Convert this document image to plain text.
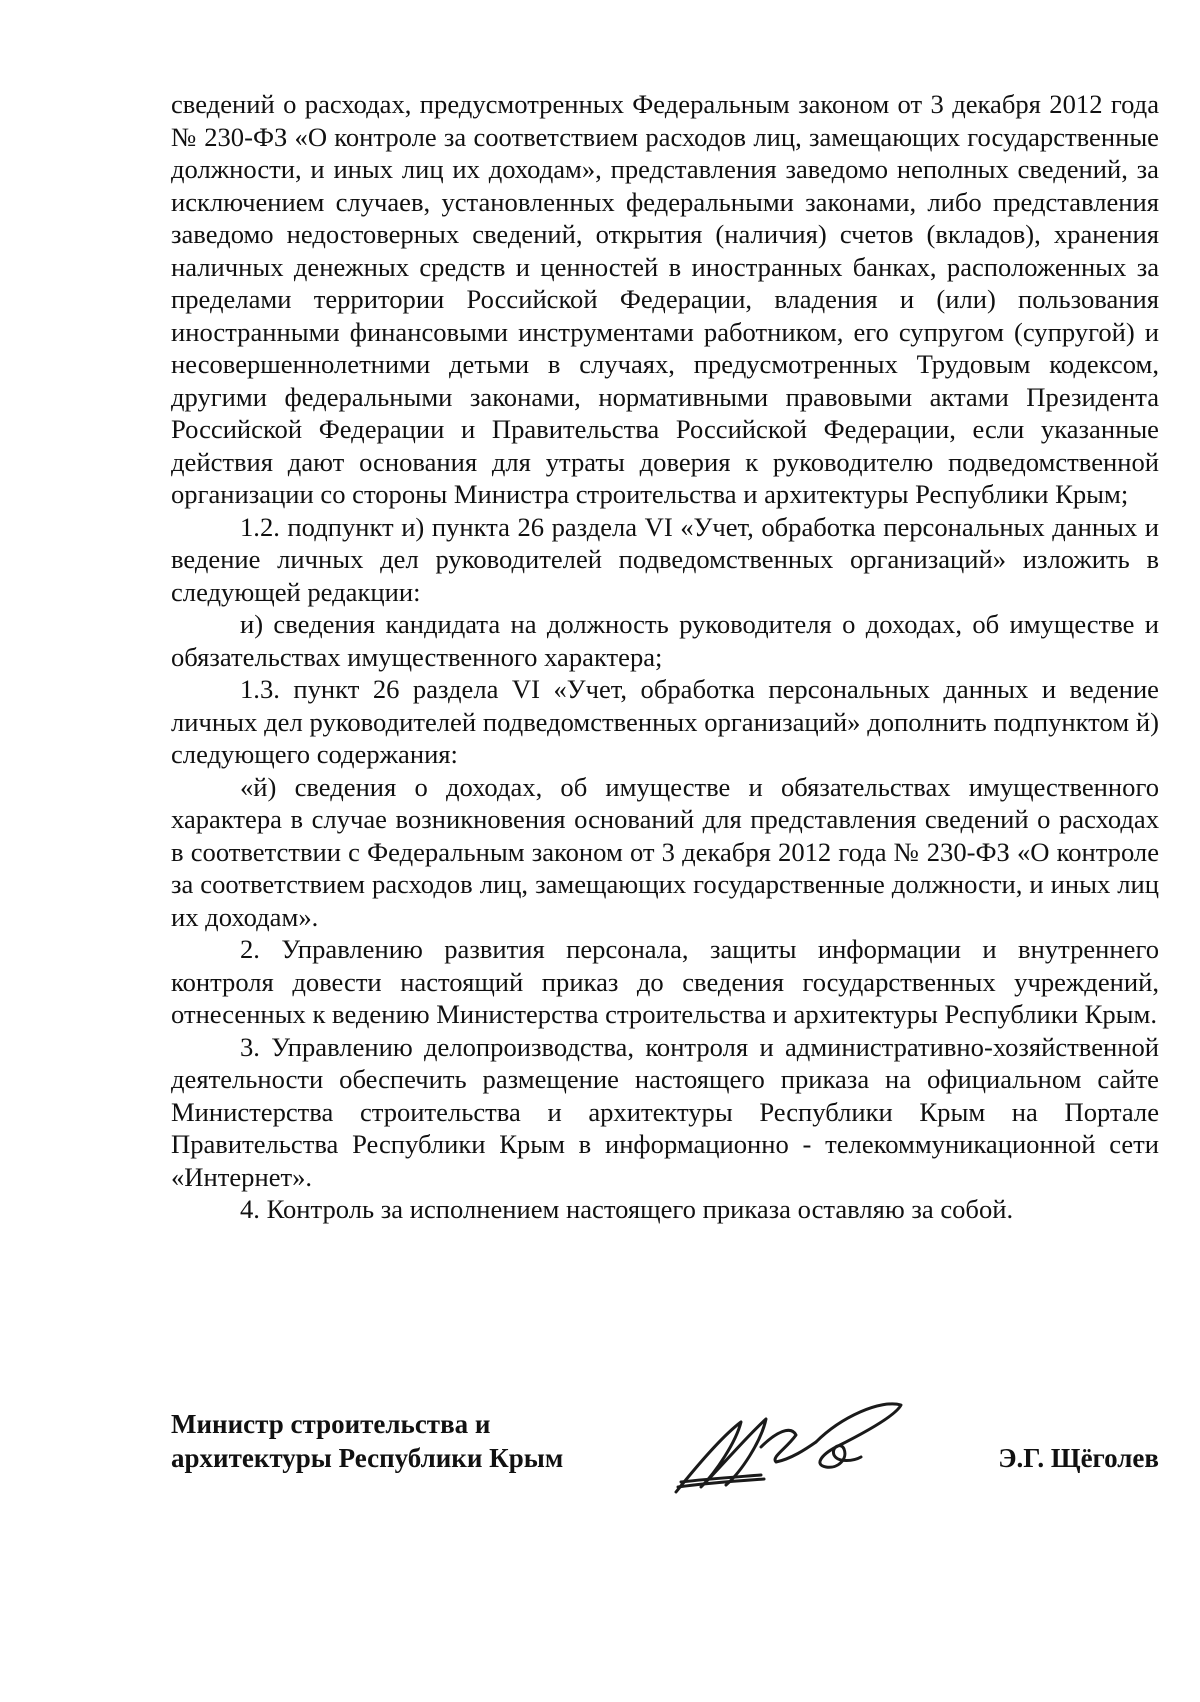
сведений о расходах, предусмотренных Федеральным законом от 3 декабря 2012 года № 230-ФЗ «О контроле за соответствием расходов лиц, замещающих государственные должности, и иных лиц их доходам», представления заведомо неполных сведений, за исключением случаев, установленных федеральными законами, либо представления заведомо недостоверных сведений, открытия (наличия) счетов (вкладов), хранения наличных денежных средств и ценностей в иностранных банках, расположенных за пределами территории Российской Федерации, владения и (или) пользования иностранными финансовыми инструментами работником, его супругом (супругой) и несовершеннолетними детьми в случаях, предусмотренных Трудовым кодексом, другими федеральными законами, нормативными правовыми актами Президента Российской Федерации и Правительства Российской Федерации, если указанные действия дают основания для утраты доверия к руководителю подведомственной организации со стороны Министра строительства и архитектуры Республики Крым;

1.2. подпункт и) пункта 26 раздела VI «Учет, обработка персональных данных и ведение личных дел руководителей подведомственных организаций» изложить в следующей редакции:

и) сведения кандидата на должность руководителя о доходах, об имуществе и обязательствах имущественного характера;

1.3. пункт 26 раздела VI «Учет, обработка персональных данных и ведение личных дел руководителей подведомственных организаций» дополнить подпунктом й) следующего содержания:

«й) сведения о доходах, об имуществе и обязательствах имущественного характера в случае возникновения оснований для представления сведений о расходах в соответствии с Федеральным законом от 3 декабря 2012 года № 230-ФЗ «О контроле за соответствием расходов лиц, замещающих государственные должности, и иных лиц их доходам».

2. Управлению развития персонала, защиты информации и внутреннего контроля довести настоящий приказ до сведения государственных учреждений, отнесенных к ведению Министерства строительства и архитектуры Республики Крым.

3. Управлению делопроизводства, контроля и административно-хозяйственной деятельности обеспечить размещение настоящего приказа на официальном сайте Министерства строительства и архитектуры Республики Крым на Портале Правительства Республики Крым в информационно - телекоммуникационной сети «Интернет».

4. Контроль за исполнением настоящего приказа оставляю за собой.

Министр строительства и
архитектуры Республики Крым	Э.Г. Щёголев
